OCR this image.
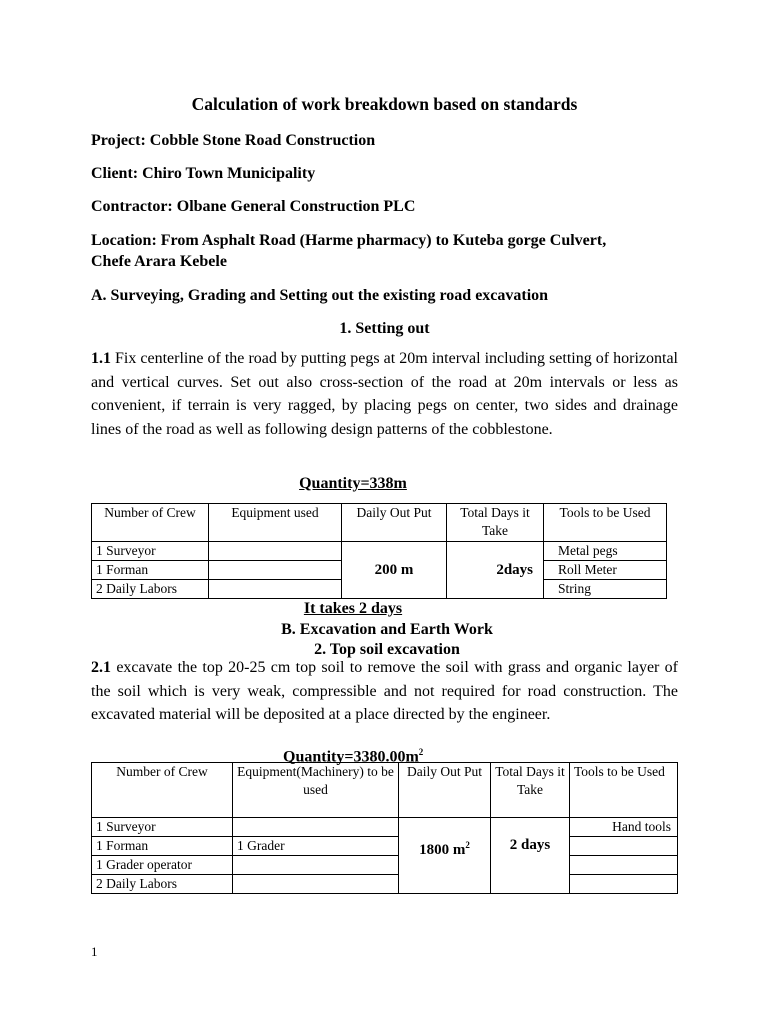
Calculation of work breakdown based on standards
Project: Cobble Stone Road Construction
Client: Chiro Town Municipality
Contractor: Olbane General Construction PLC
Location: From Asphalt Road (Harme pharmacy) to Kuteba gorge Culvert,
Chefe Arara Kebele
A. Surveying, Grading and Setting out the existing road excavation
1. Setting out
1.1 Fix centerline of the road by putting pegs at 20m interval including setting of horizontal and vertical curves. Set out also cross-section of the road at 20m intervals or less as convenient, if terrain is very ragged, by placing pegs on center, two sides and drainage lines of the road as well as following design patterns of the cobblestone.
Quantity=338m
Number of Crew	Equipment used	Daily Out Put	Total Days it Take	Tools to be Used
1 Surveyor		200 m	2days	Metal pegs
1 Forman				Roll Meter
2 Daily Labors				String
It takes 2 days
B. Excavation and Earth Work
2. Top soil excavation
2.1 excavate the top 20-25 cm top soil to remove the soil with grass and organic layer of the soil which is very weak, compressible and not required for road construction. The excavated material will be deposited at a place directed by the engineer.
$Quantity=3380.00m^2$
Number of Crew	Equipment(Machinery) to be used	Daily Out Put	Total Days it Take	Tools to be Used
1 Surveyor		1800 $m^2$	2 days	Hand tools
1 Forman	1 Grader			
1 Grader operator				
2 Daily Labors				
1
